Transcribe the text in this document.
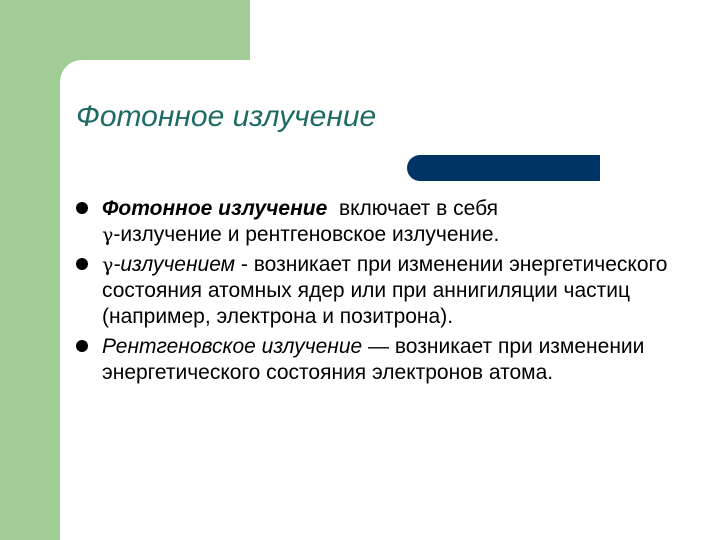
Фотонное излучение
Фотонное излучение включает в себя
γ-излучение и рентгеновское излучение.
γ-излучением - возникает при изменении энергетического состояния атомных ядер или при аннигиляции частиц (например, электрона и позитрона).
Рентгеновское излучение — возникает при изменении энергетического состояния электронов атома.
